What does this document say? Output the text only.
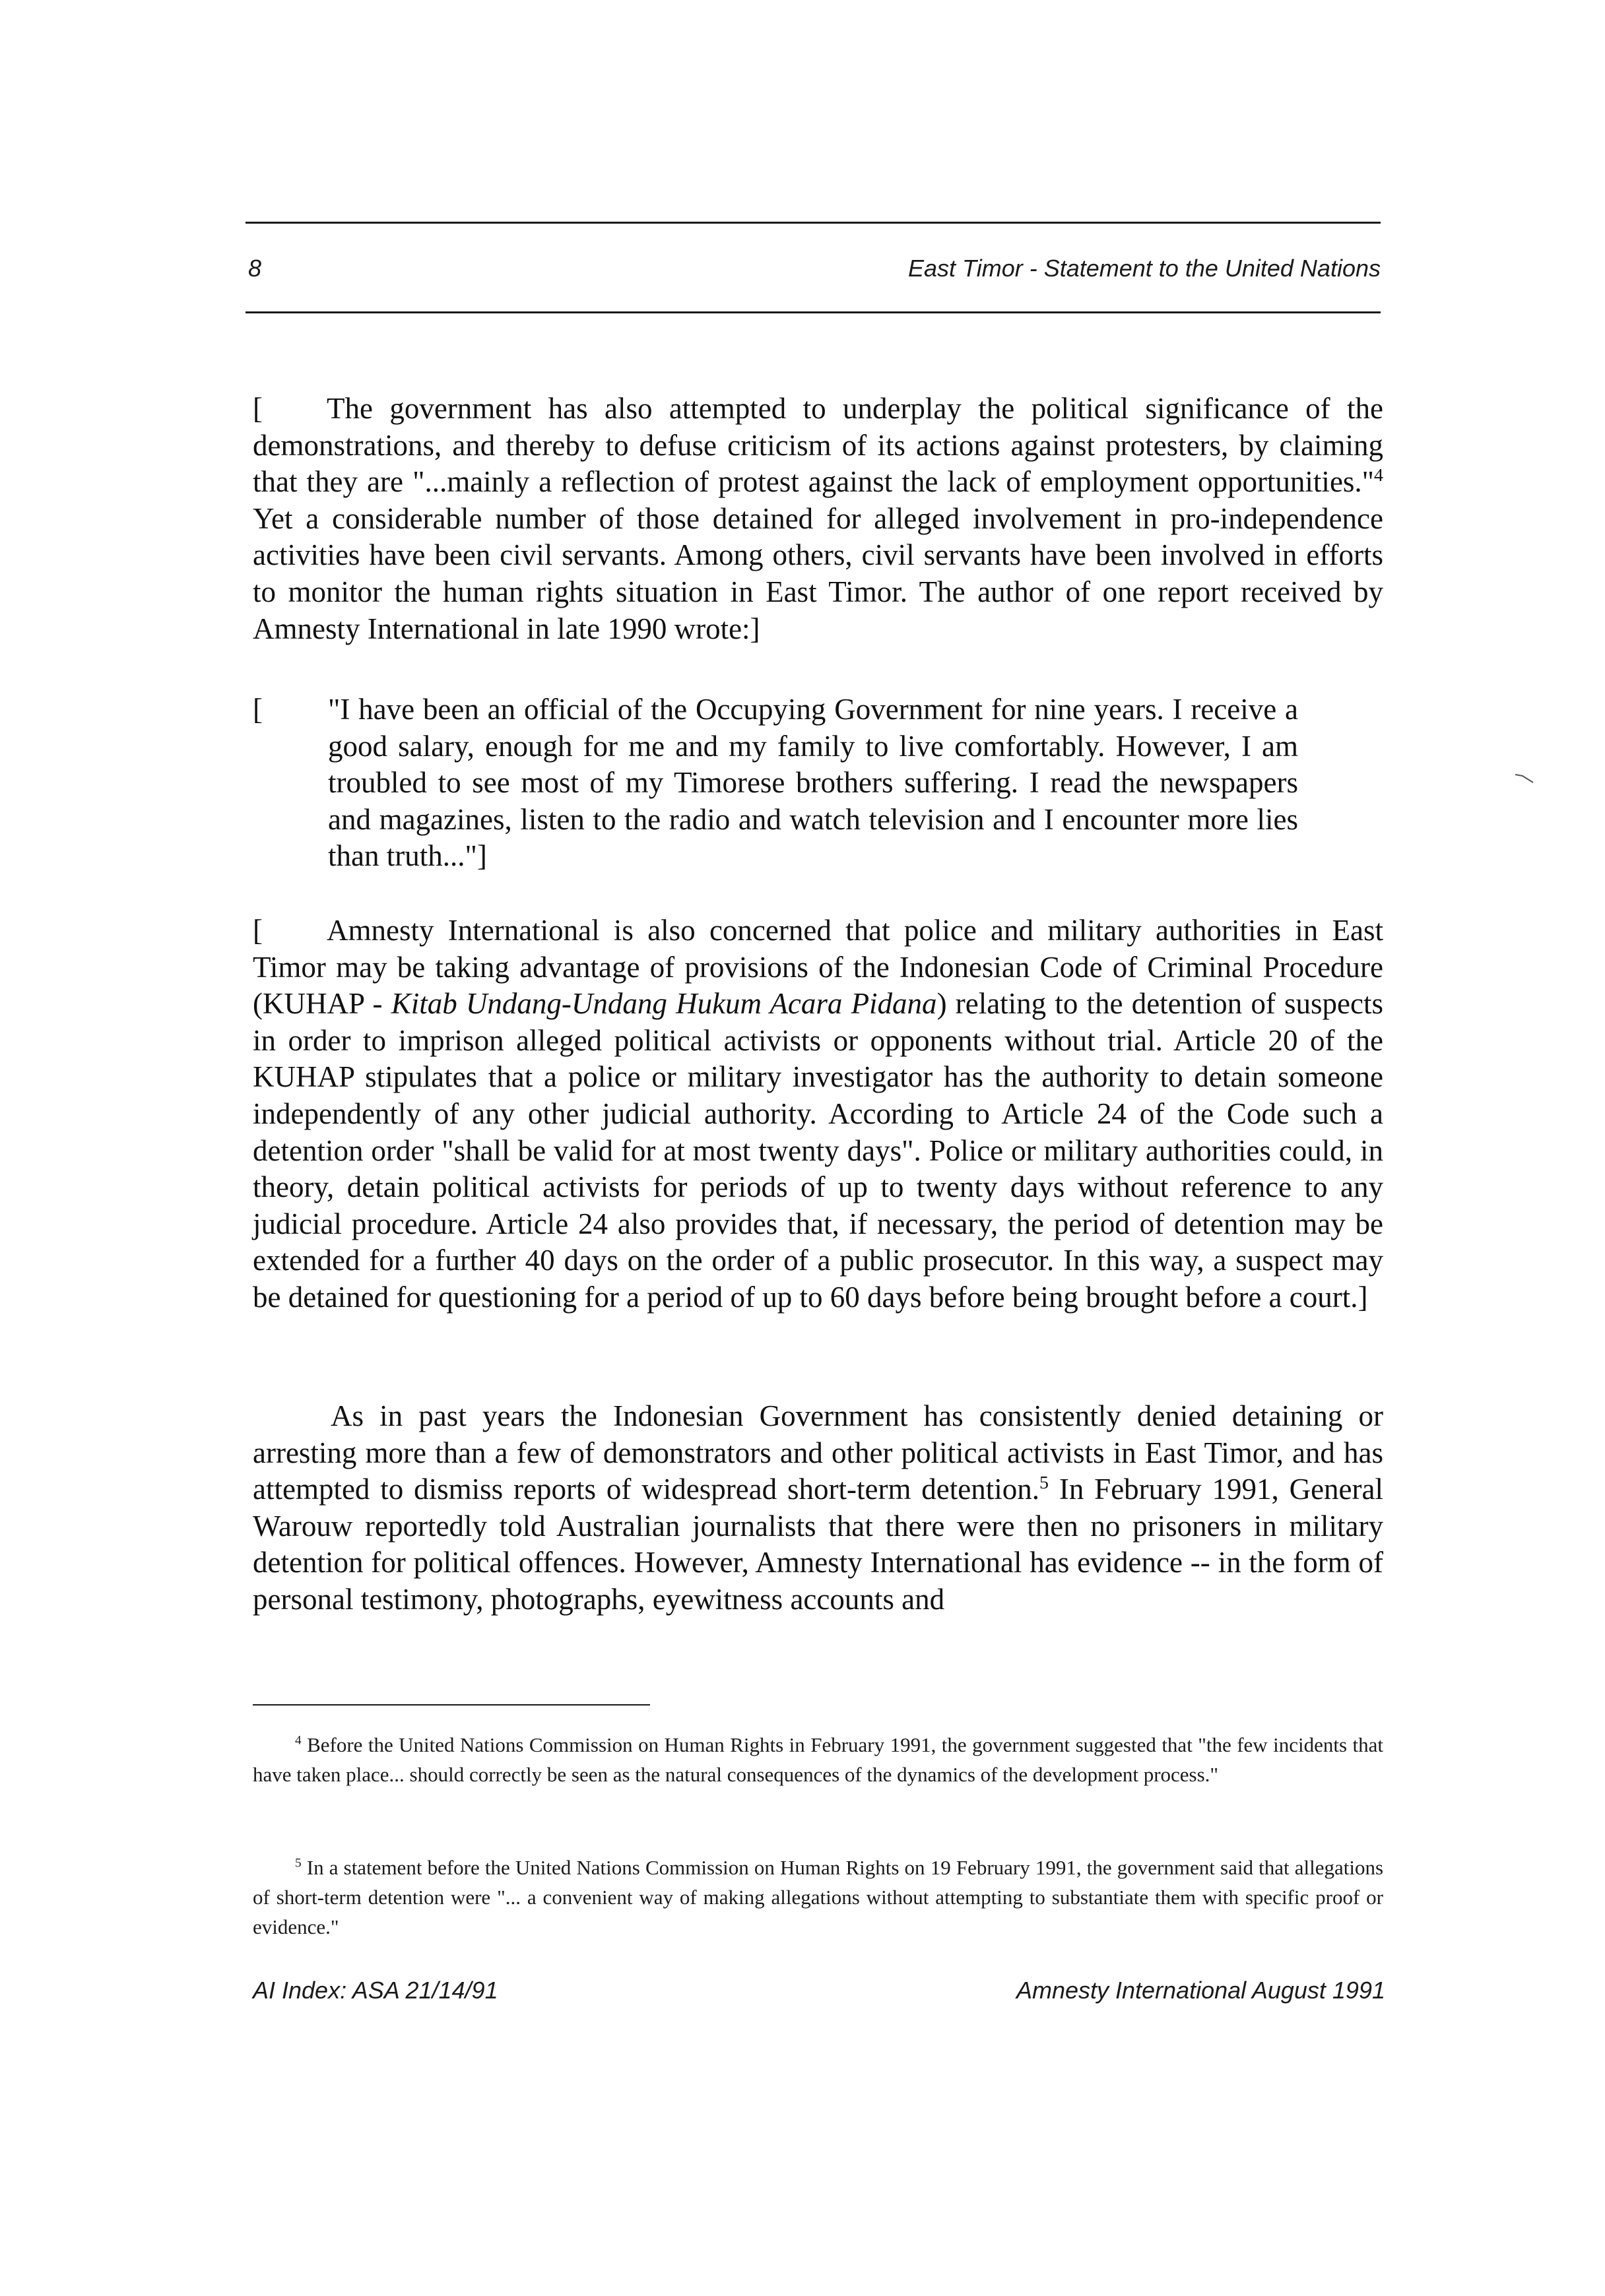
8	East Timor - Statement to the United Nations

[ The government has also attempted to underplay the political significance of the demonstrations, and thereby to defuse criticism of its actions against protesters, by claiming that they are "...mainly a reflection of protest against the lack of employment opportunities."$^4$ Yet a considerable number of those detained for alleged involvement in pro-independence activities have been civil servants. Among others, civil servants have been involved in efforts to monitor the human rights situation in East Timor. The author of one report received by Amnesty International in late 1990 wrote:]

[ "I have been an official of the Occupying Government for nine years. I receive a good salary, enough for me and my family to live comfortably. However, I am troubled to see most of my Timorese brothers suffering. I read the newspapers and magazines, listen to the radio and watch television and I encounter more lies than truth..."]

[ Amnesty International is also concerned that police and military authorities in East Timor may be taking advantage of provisions of the Indonesian Code of Criminal Procedure (KUHAP - Kitab Undang-Undang Hukum Acara Pidana) relating to the detention of suspects in order to imprison alleged political activists or opponents without trial. Article 20 of the KUHAP stipulates that a police or military investigator has the authority to detain someone independently of any other judicial authority. According to Article 24 of the Code such a detention order "shall be valid for at most twenty days". Police or military authorities could, in theory, detain political activists for periods of up to twenty days without reference to any judicial procedure. Article 24 also provides that, if necessary, the period of detention may be extended for a further 40 days on the order of a public prosecutor. In this way, a suspect may be detained for questioning for a period of up to 60 days before being brought before a court.]

As in past years the Indonesian Government has consistently denied detaining or arresting more than a few of demonstrators and other political activists in East Timor, and has attempted to dismiss reports of widespread short-term detention.$^5$ In February 1991, General Warouw reportedly told Australian journalists that there were then no prisoners in military detention for political offences. However, Amnesty International has evidence -- in the form of personal testimony, photographs, eyewitness accounts and

$^4$ Before the United Nations Commission on Human Rights in February 1991, the government suggested that "the few incidents that have taken place... should correctly be seen as the natural consequences of the dynamics of the development process."

$^5$ In a statement before the United Nations Commission on Human Rights on 19 February 1991, the government said that allegations of short-term detention were "... a convenient way of making allegations without attempting to substantiate them with specific proof or evidence."

AI Index: ASA 21/14/91	Amnesty International August 1991
